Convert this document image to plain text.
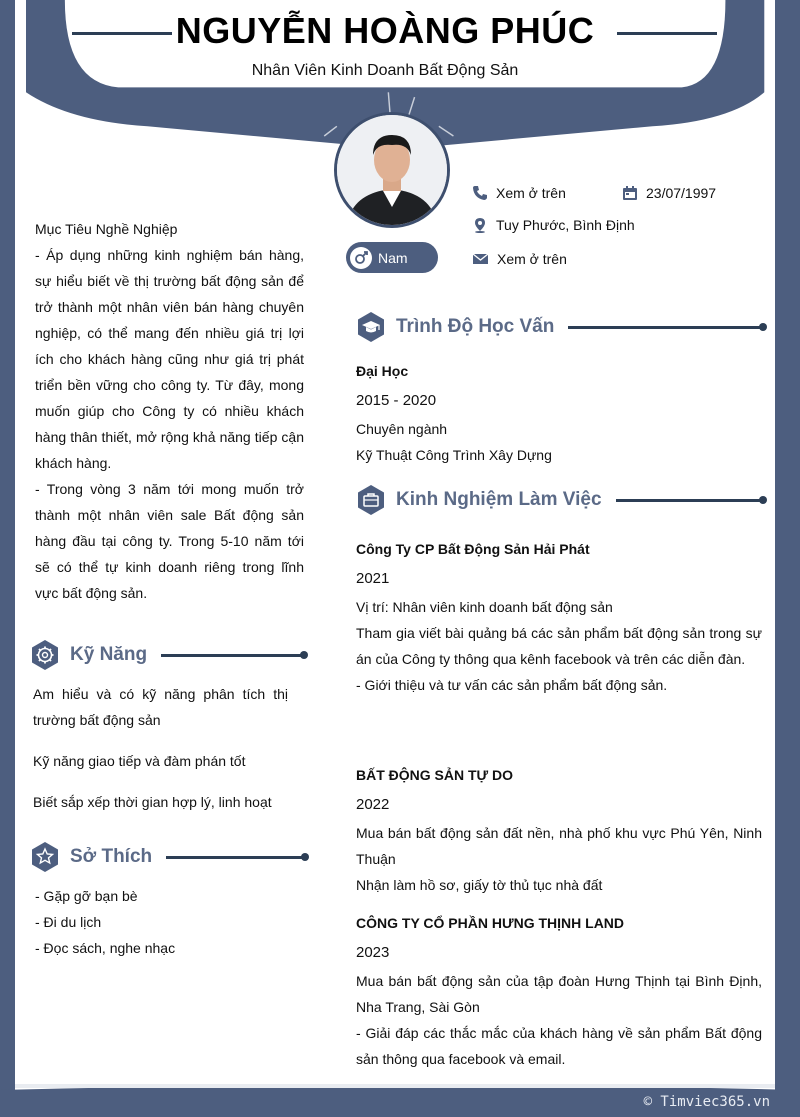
NGUYỄN HOÀNG PHÚC
Nhân Viên Kinh Doanh Bất Động Sản
Nam
Xem ở trên	23/07/1997
Tuy Phước, Bình Định
Xem ở trên

Mục Tiêu Nghề Nghiệp

- Áp dụng những kinh nghiệm bán hàng, sự hiểu biết về thị trường bất động sản để trở thành một nhân viên bán hàng chuyên nghiệp, có thể mang đến nhiều giá trị lợi ích cho khách hàng cũng như giá trị phát triển bền vững cho công ty. Từ đây, mong muốn giúp cho Công ty có nhiều khách hàng thân thiết, mở rộng khả năng tiếp cận khách hàng.

- Trong vòng 3 năm tới mong muốn trở thành một nhân viên sale Bất động sản hàng đầu tại công ty. Trong 5-10 năm tới sẽ có thể tự kinh doanh riêng trong lĩnh vực bất động sản.

Kỹ Năng
Am hiểu và có kỹ năng phân tích thị trường bất động sản
Kỹ năng giao tiếp và đàm phán tốt
Biết sắp xếp thời gian hợp lý, linh hoạt
Sở Thích
- Gặp gỡ bạn bè
- Đi du lịch
- Đọc sách, nghe nhạc
Trình Độ Học Vấn
Đại Học
2015 - 2020
Chuyên ngành
Kỹ Thuật Công Trình Xây Dựng
Kinh Nghiệm Làm Việc
Công Ty CP Bất Động Sản Hải Phát
2021
Vị trí: Nhân viên kinh doanh bất động sản
Tham gia viết bài quảng bá các sản phẩm bất động sản trong sự án của Công ty thông qua kênh facebook và trên các diễn đàn.
- Giới thiệu và tư vấn các sản phẩm bất động sản.
BẤT ĐỘNG SẢN TỰ DO
2022
Mua bán bất động sản đất nền, nhà phố khu vực Phú Yên, Ninh Thuận
Nhận làm hồ sơ, giấy tờ thủ tục nhà đất
CÔNG TY CỔ PHẦN HƯNG THỊNH LAND
2023
Mua bán bất động sản của tập đoàn Hưng Thịnh tại Bình Định, Nha Trang, Sài Gòn
- Giải đáp các thắc mắc của khách hàng về sản phẩm Bất động sản thông qua facebook và email.
© Timviec365.vn
